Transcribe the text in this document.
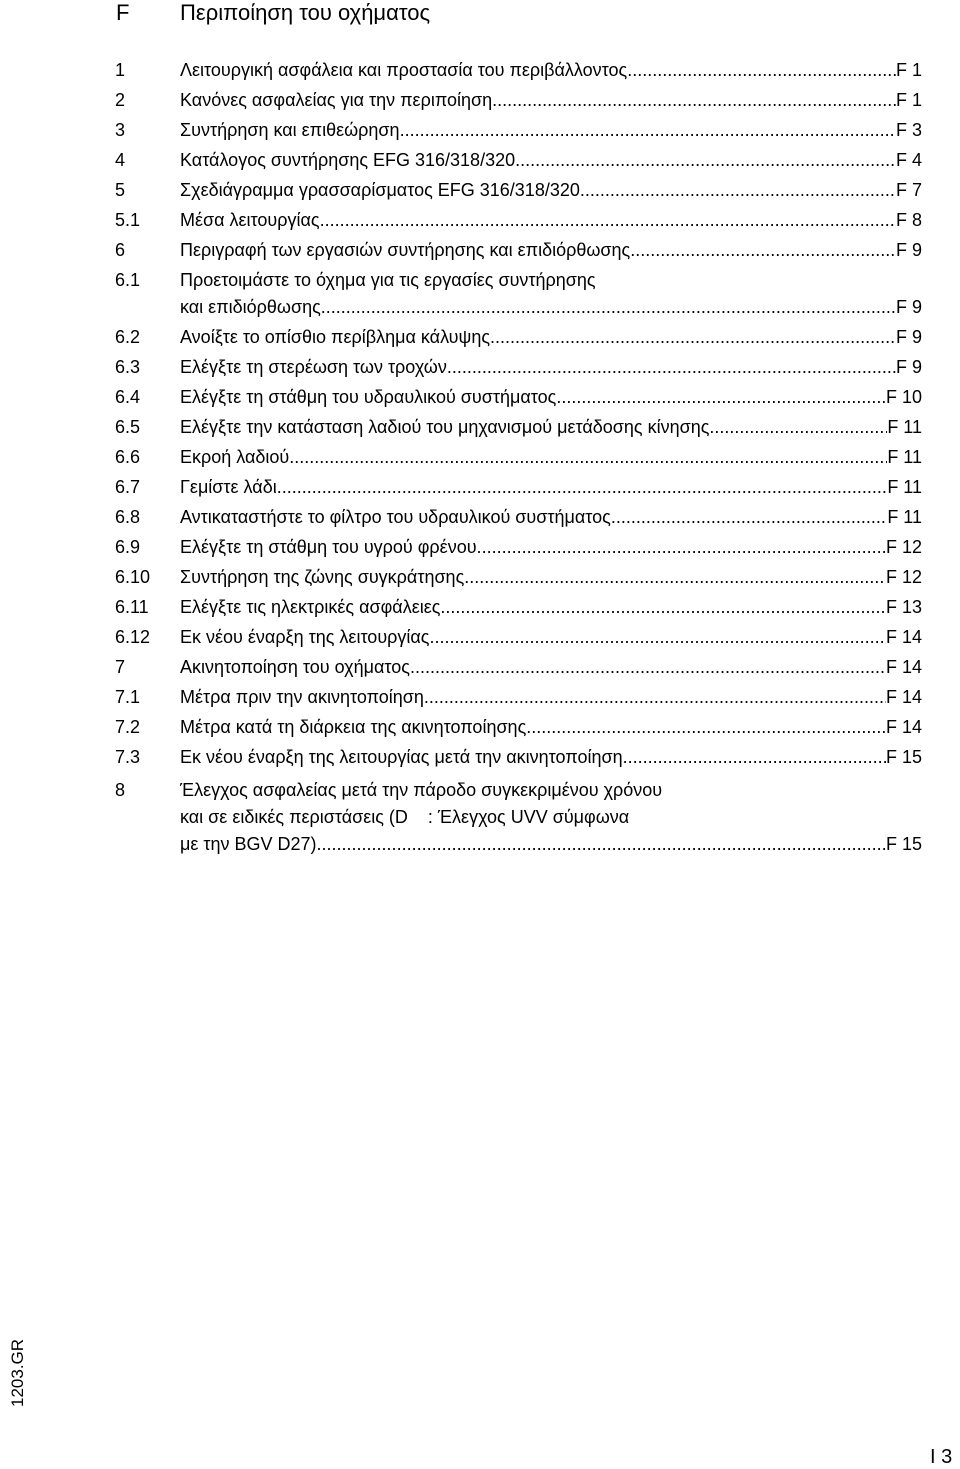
F Περιποίηση του οχήματος
1	Λειτουργική ασφάλεια και προστασία του περιβάλλοντος .....	F 1
2	Κανόνες ασφαλείας για την περιποίηση .....	F 1
3	Συντήρηση και επιθεώρηση .....	F 3
4	Κατάλογος συντήρησης EFG 316/318/320 .....	F 4
5	Σχεδιάγραμμα γρασσαρίσματος EFG 316/318/320 .....	F 7
5.1 Μέσα λειτουργίας .....	F 8
6	Περιγραφή των εργασιών συντήρησης και επιδιόρθωσης .....	F 9
6.1 Προετοιμάστε το όχημα για τις εργασίες συντήρησης
και επιδιόρθωσης .....	F 9
6.2 Ανοίξτε το οπίσθιο περίβλημα κάλυψης .....	F 9
6.3 Ελέγξτε τη στερέωση των τροχών .....	F 9
6.4 Ελέγξτε τη στάθμη του υδραυλικού συστήματος .....	F 10
6.5 Ελέγξτε την κατάσταση λαδιού του μηχανισμού μετάδοσης κίνησης .....	F 11
6.6 Εκροή λαδιού .....	F 11
6.7 Γεμίστε λάδι .....	F 11
6.8 Αντικαταστήστε το φίλτρο του υδραυλικού συστήματος .....	F 11
6.9 Ελέγξτε τη στάθμη του υγρού φρένου. .....	F 12
6.10 Συντήρηση της ζώνης συγκράτησης .....	F 12
6.11 Ελέγξτε τις ηλεκτρικές ασφάλειες .....	F 13
6.12 Εκ νέου έναρξη της λειτουργίας .....	F 14
7	Ακινητοποίηση του οχήματος .....	F 14
7.1 Μέτρα πριν την ακινητοποίηση .....	F 14
7.2 Μέτρα κατά τη διάρκεια της ακινητοποίησης .....	F 14
7.3 Εκ νέου έναρξη της λειτουργίας μετά την ακινητοποίηση .....	F 15
8	Έλεγχος ασφαλείας μετά την πάροδο συγκεκριμένου χρόνου
και σε ειδικές περιστάσεις (D    : Έλεγχος UVV σύμφωνα
με την BGV D27) .....	F 15
1203.GR
I 3
